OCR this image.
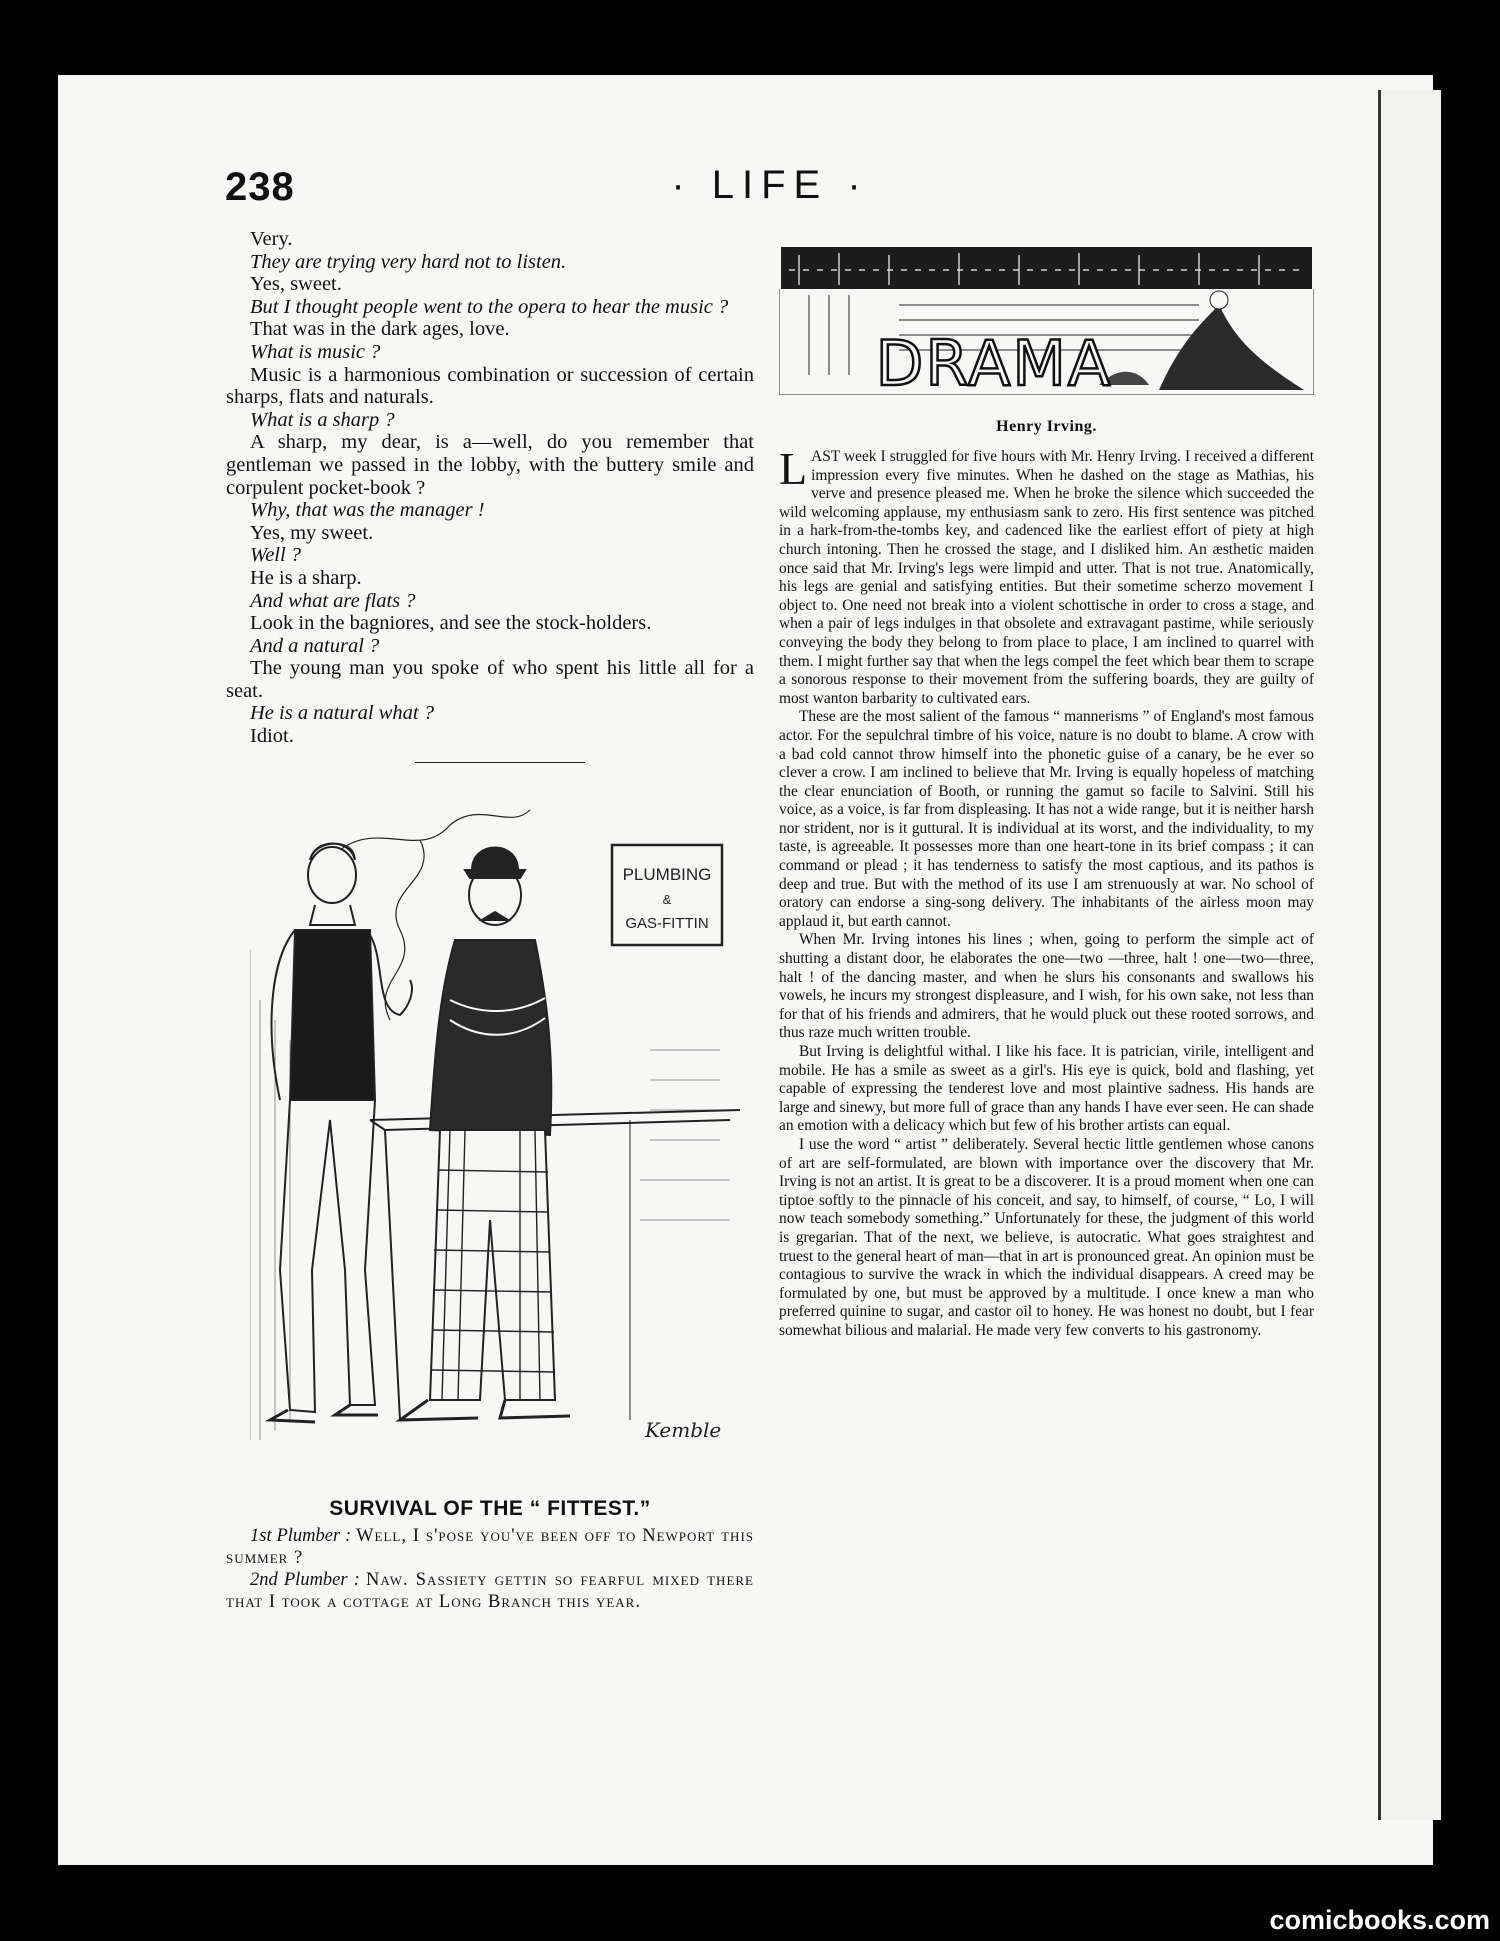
238	· LIFE ·

Very.

They are trying very hard not to listen.

Yes, sweet.

But I thought people went to the opera to hear the music ?

That was in the dark ages, love.

What is music ?

Music is a harmonious combination or succession of certain sharps, flats and naturals.

What is a sharp ?

A sharp, my dear, is a—well, do you remember that gentleman we passed in the lobby, with the buttery smile and corpulent pocket-book ?

Why, that was the manager !

Yes, my sweet.

Well ?

He is a sharp.

And what are flats ?

Look in the bagniores, and see the stock-holders.

And a natural ?

The young man you spoke of who spent his little all for a seat.

He is a natural what ?

Idiot.

PLUMBING
&
GAS-FITTIN
Kemble
SURVIVAL OF THE “ FITTEST.”

1st Plumber : Well, I s'pose you've been off to Newport this summer ?

2nd Plumber : Naw. Sassiety gettin so fearful mixed there that I took a cottage at Long Branch this year.

DRAMA
Henry Irving.

LAST week I struggled for five hours with Mr. Henry Irving. I received a different impression every five minutes. When he dashed on the stage as Mathias, his verve and presence pleased me. When he broke the silence which succeeded the wild welcoming applause, my enthusiasm sank to zero. His first sentence was pitched in a hark-from-the-tombs key, and cadenced like the earliest effort of piety at high church intoning. Then he crossed the stage, and I disliked him. An æsthetic maiden once said that Mr. Irving's legs were limpid and utter. That is not true. Anatomically, his legs are genial and satisfying entities. But their sometime scherzo movement I object to. One need not break into a violent schottische in order to cross a stage, and when a pair of legs indulges in that obsolete and extravagant pastime, while seriously conveying the body they belong to from place to place, I am inclined to quarrel with them. I might further say that when the legs compel the feet which bear them to scrape a sonorous response to their movement from the suffering boards, they are guilty of most wanton barbarity to cultivated ears.

These are the most salient of the famous “ mannerisms ” of England's most famous actor. For the sepulchral timbre of his voice, nature is no doubt to blame. A crow with a bad cold cannot throw himself into the phonetic guise of a canary, be he ever so clever a crow. I am inclined to believe that Mr. Irving is equally hopeless of matching the clear enunciation of Booth, or running the gamut so facile to Salvini. Still his voice, as a voice, is far from displeasing. It has not a wide range, but it is neither harsh nor strident, nor is it guttural. It is individual at its worst, and the individuality, to my taste, is agreeable. It possesses more than one heart-tone in its brief compass ; it can command or plead ; it has tenderness to satisfy the most captious, and its pathos is deep and true. But with the method of its use I am strenuously at war. No school of oratory can endorse a sing-song delivery. The inhabitants of the airless moon may applaud it, but earth cannot.

When Mr. Irving intones his lines ; when, going to perform the simple act of shutting a distant door, he elaborates the one—two —three, halt ! one—two—three, halt ! of the dancing master, and when he slurs his consonants and swallows his vowels, he incurs my strongest displeasure, and I wish, for his own sake, not less than for that of his friends and admirers, that he would pluck out these rooted sorrows, and thus raze much written trouble.

But Irving is delightful withal. I like his face. It is patrician, virile, intelligent and mobile. He has a smile as sweet as a girl's. His eye is quick, bold and flashing, yet capable of expressing the tenderest love and most plaintive sadness. His hands are large and sinewy, but more full of grace than any hands I have ever seen. He can shade an emotion with a delicacy which but few of his brother artists can equal.

I use the word “ artist ” deliberately. Several hectic little gentlemen whose canons of art are self-formulated, are blown with importance over the discovery that Mr. Irving is not an artist. It is great to be a discoverer. It is a proud moment when one can tiptoe softly to the pinnacle of his conceit, and say, to himself, of course, “ Lo, I will now teach somebody something.” Unfortunately for these, the judgment of this world is gregarian. That of the next, we believe, is autocratic. What goes straightest and truest to the general heart of man—that in art is pronounced great. An opinion must be contagious to survive the wrack in which the individual disappears. A creed may be formulated by one, but must be approved by a multitude. I once knew a man who preferred quinine to sugar, and castor oil to honey. He was honest no doubt, but I fear somewhat bilious and malarial. He made very few converts to his gastronomy.

comicbooks.com
